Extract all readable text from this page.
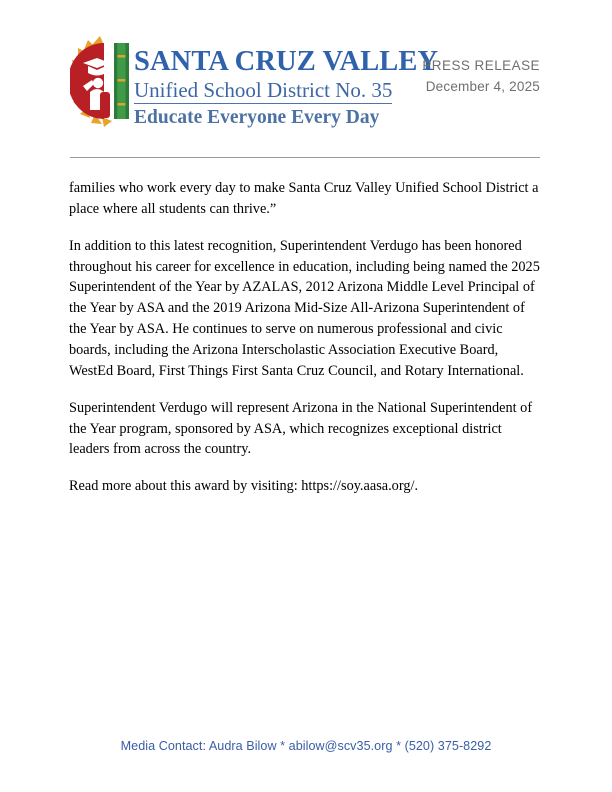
SANTA CRUZ VALLEY
Unified School District No. 35
Educate Everyone Every Day
PRESS RELEASE
December 4, 2025

families who work every day to make Santa Cruz Valley Unified School District a place where all students can thrive.”

In addition to this latest recognition, Superintendent Verdugo has been honored throughout his career for excellence in education, including being named the 2025 Superintendent of the Year by AZALAS, 2012 Arizona Middle Level Principal of the Year by ASA and the 2019 Arizona Mid-Size All-Arizona Superintendent of the Year by ASA. He continues to serve on numerous professional and civic boards, including the Arizona Interscholastic Association Executive Board, WestEd Board, First Things First Santa Cruz Council, and Rotary International.

Superintendent Verdugo will represent Arizona in the National Superintendent of the Year program, sponsored by ASA, which recognizes exceptional district leaders from across the country.

Read more about this award by visiting: https://soy.aasa.org/.

Media Contact: Audra Bilow * abilow@scv35.org * (520) 375-8292
